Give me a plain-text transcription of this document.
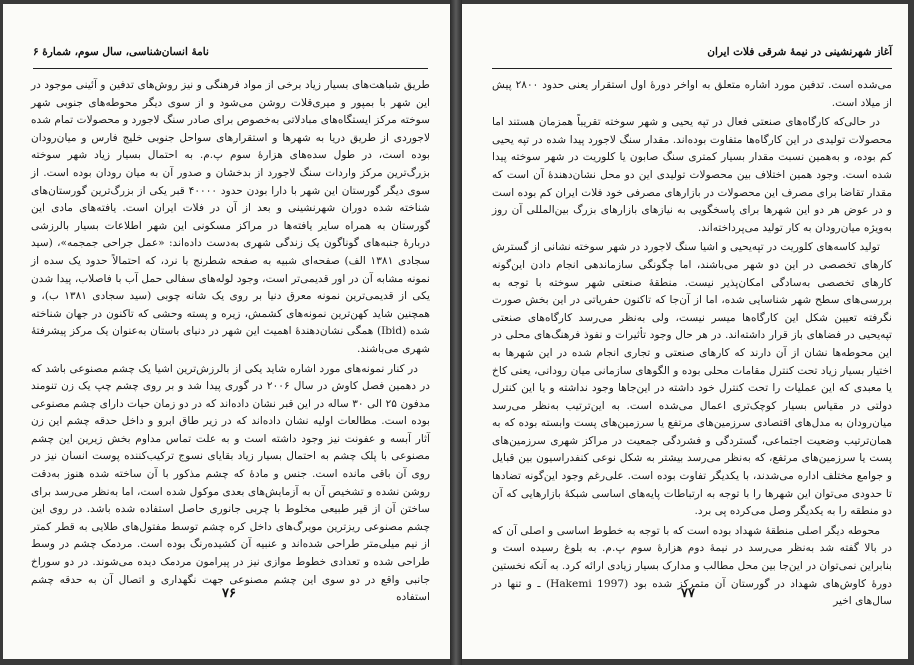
نامهٔ انسان‌شناسی، سال سوم، شمارهٔ ۶

طریق شباهت‌های بسیار زیاد برخی از مواد فرهنگی و نیز روش‌های تدفین و آئینی موجود در این شهر با بمپور و میری‌قلات روشن می‌شود و از سوی دیگر محوطه‌های جنوبی شهر سوخته مرکز ایستگاه‌های مبادلاتی به‌خصوص برای صادر سنگ لاجورد و محصولات تمام شده لاجوردی از طریق دریا به شهرها و استقرارهای سواحل جنوبی خلیج فارس و میان‌رودان بوده است، در طول سده‌های هزارهٔ سوم پ.م. به احتمال بسیار زیاد شهر سوخته بزرگ‌ترین مرکز واردات سنگ لاجورد از بدخشان و صدور آن به میان رودان بوده است. از سوی دیگر گورستان این شهر با دارا بودن حدود ۴۰۰۰۰ قبر یکی از بزرگ‌ترین گورستان‌های شناخته شده دوران شهرنشینی و بعد از آن در فلات ایران است. یافته‌های مادی این گورستان به همراه سایر یافته‌ها در مراکز مسکونی این شهر اطلاعات بسیار بالرزشی دربارهٔ جنبه‌های گوناگون یک زندگی شهری به‌دست داده‌اند: «عمل جراحی جمجمه»، (سید سجادی ۱۳۸۱ الف) صفحه‌ای شبیه به صفحه شطرنج با نرد، که احتمالاً حدود یک سده از نمونه مشابه آن در اور قدیمی‌تر است، وجود لوله‌های سفالی حمل آب با فاصلاب، پیدا شدن یکی از قدیمی‌ترین نمونه معرق دنیا بر روی یک شانه چوبی (سید سجادی ۱۳۸۱ ب)، و همچنین شاید کهن‌ترین نمونه‌های کشمش، زیره و پسته وحشی که تاکنون در جهان شناخته شده (Ibid) همگی نشان‌دهندهٔ اهمیت این شهر در دنیای باستان به‌عنوان یک مرکز پیشرفتهٔ شهری می‌باشند.

در کنار نمونه‌های مورد اشاره شاید یکی از بالرزش‌ترین اشیا یک چشم مصنوعی باشد که در دهمین فصل کاوش در سال ۲۰۰۶ در گوری پیدا شد و بر روی چشم چپ یک زن تنومند مدفون ۲۵ الی ۳۰ ساله در این قبر نشان داده‌اند که در دو زمان حیات دارای چشم مصنوعی بوده است. مطالعات اولیه نشان داده‌اند که در زیر طاق ابرو و داخل حدقه چشم این زن آثار آبسه و عفونت نیز وجود داشته است و به علت تماس مداوم بخش زیرین این چشم مصنوعی با پلک چشم به احتمال بسیار زیاد بقایای نسوج ترکیب‌کننده پوست انسان نیز در روی آن باقی مانده است. جنس و مادهٔ که چشم مذکور با آن ساخته شده هنوز به‌دقت روشن نشده و تشخیص آن به آزمایش‌های بعدی موکول شده است، اما به‌نظر می‌رسد برای ساختن آن از قیر طبیعی مخلوط با چربی جانوری حاصل استفاده شده باشد. در روی این چشم مصنوعی ریزترین مویرگ‌های داخل کره چشم توسط مفتول‌های طلایی به قطر کمتر از نیم میلی‌متر طراحی شده‌اند و عنبیه آن کشیده‌رنگ بوده است. مردمک چشم در وسط طراحی شده و تعدادی خطوط موازی نیز در پیرامون مردمک دیده می‌شوند. در دو سوراخ جانبی واقع در دو سوی این چشم مصنوعی جهت نگهداری و اتصال آن به حدقه چشم استفاده

۷۶
آغاز شهرنشینی در نیمهٔ شرقی فلات ایران

می‌شده است. تدفین مورد اشاره متعلق به اواخر دورهٔ اول استقرار یعنی حدود ۲۸۰۰ پیش از میلاد است.

در حالی‌که کارگاه‌های صنعتی فعال در تپه یحیی و شهر سوخته تقریباً همزمان هستند اما محصولات تولیدی در این کارگاه‌ها متفاوت بوده‌اند. مقدار سنگ لاجورد پیدا شده در تپه یحیی کم بوده، و به‌همین نسبت مقدار بسیار کمتری سنگ صابون یا کلوریت در شهر سوخته پیدا شده است. وجود همین اختلاف بین محصولات تولیدی این دو محل نشان‌دهندهٔ آن است که مقدار تقاضا برای مصرف این محصولات در بازارهای مصرفی خود فلات ایران کم بوده است و در عوض هر دو این شهرها برای پاسخگویی به نیازهای بازارهای بزرگ بین‌المللی آن روز به‌ویژه میان‌رودان به کار تولید می‌پرداخته‌اند.

تولید کاسه‌های کلوریت در تپه‌یحیی و اشیا سنگ لاجورد در شهر سوخته نشانی از گسترش کارهای تخصصی در این دو شهر می‌باشند، اما چگونگی سازماندهی انجام دادن این‌گونه کارهای تخصصی به‌سادگی امکان‌پذیر نیست. منطقهٔ صنعتی شهر سوخته با توجه به بررسی‌های سطح شهر شناسایی شده، اما از آن‌جا که تاکنون حفریاتی در این بخش صورت نگرفته تعیین شکل این کارگاه‌ها میسر نیست، ولی به‌نظر می‌رسد کارگاه‌های صنعتی تپه‌یحیی در فضاهای باز قرار داشته‌اند. در هر حال وجود تأثیرات و نفوذ فرهنگ‌های محلی در این محوطه‌ها نشان از آن دارند که کارهای صنعتی و تجاری انجام شده در این شهرها به اختیار بسیار زیاد تحت کنترل مقامات محلی بوده و الگوهای سازمانی میان رودانی، یعنی کاخ یا معبدی که این عملیات را تحت کنترل خود داشته در این‌جاها وجود نداشته و یا این کنترل دولتی در مقیاس بسیار کوچک‌تری اعمال می‌شده است. به این‌ترتیب به‌نظر می‌رسد میان‌رودان به مدل‌های اقتصادی سرزمین‌های مرتفع یا سرزمین‌های پست وابسته بوده که به همان‌ترتیب وضعیت اجتماعی، گستردگی و فشردگی جمعیت در مراکز شهری سرزمین‌های پست یا سرزمین‌های مرتفع، که به‌نظر می‌رسد بیشتر به شکل نوعی کنفدراسیون بین قبایل و جوامع مختلف اداره می‌شدند، با یکدیگر تفاوت بوده است. علی‌رغم وجود این‌گونه تضادها تا حدودی می‌توان این شهرها را با توجه به ارتباطات پایه‌های اساسی شبکهٔ بازارهایی که آن دو منطقه را به یکدیگر وصل می‌کرده پی برد.

محوطه دیگر اصلی منطقهٔ شهداد بوده است که با توجه به خطوط اساسی و اصلی آن که در بالا گفته شد به‌نظر می‌رسد در نیمهٔ دوم هزارهٔ سوم پ.م. به بلوغ رسیده است و بنابراین نمی‌توان در این‌جا بین محل مطالب و مدارک بسیار زیادی ارائه کرد. به آنکه نخستین دورهٔ کاوش‌های شهداد در گورستان آن متمرکز شده بود (Hakemi 1997) ـ و تنها در سال‌های اخیر

۷۷
